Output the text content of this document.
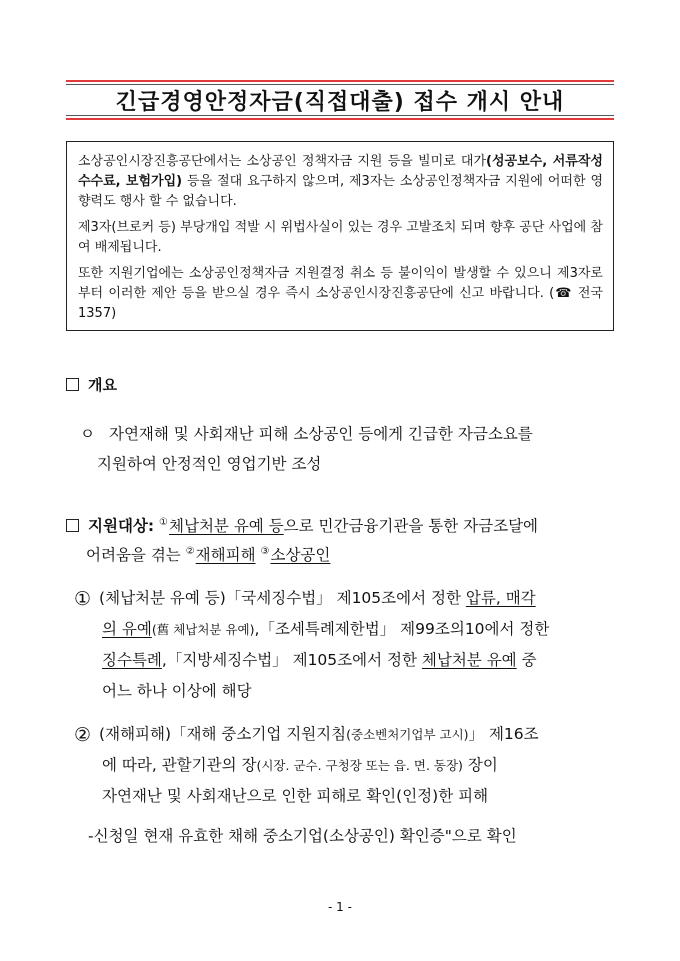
긴급경영안정자금(직접대출) 접수 개시 안내

소상공인시장진흥공단에서는 소상공인 정책자금 지원 등을 빌미로 대가(성공보수, 서류작성 수수료, 보험가입) 등을 절대 요구하지 않으며, 제3자는 소상공인정책자금 지원에 어떠한 영향력도 행사 할 수 없습니다.

제3자(브로커 등) 부당개입 적발 시 위법사실이 있는 경우 고발조치 되며 향후 공단 사업에 참여 배제됩니다.

또한 지원기업에는 소상공인정책자금 지원결정 취소 등 불이익이 발생할 수 있으니 제3자로부터 이러한 제안 등을 받으실 경우 즉시 소상공인시장진흥공단에 신고 바랍니다. (☎ 전국 1357)

개요
ㅇ 자연재해 및 사회재난 피해 소상공인 등에게 긴급한 자금소요를
지원하여 안정적인 영업기반 조성
지원대상: ①체납처분 유예 등으로 민간금융기관을 통한 자금조달에
어려움을 겪는 ②재해피해 ③소상공인
① (체납처분 유예 등)「국세징수법」 제105조에서 정한 압류, 매각
의 유예(舊 체납처분 유예),「조세특례제한법」 제99조의10에서 정한
징수특례,「지방세징수법」 제105조에서 정한 체납처분 유예 중
어느 하나 이상에 해당
② (재해피해)「재해 중소기업 지원지침(중소벤처기업부 고시)」 제16조
에 따라, 관할기관의 장(시장. 군수. 구청장 또는 읍. 면. 동장) 장이
자연재난 및 사회재난으로 인한 피해로 확인(인정)한 피해
-신청일 현재 유효한 채해 중소기업(소상공인) 확인증"으로 확인
- 1 -
